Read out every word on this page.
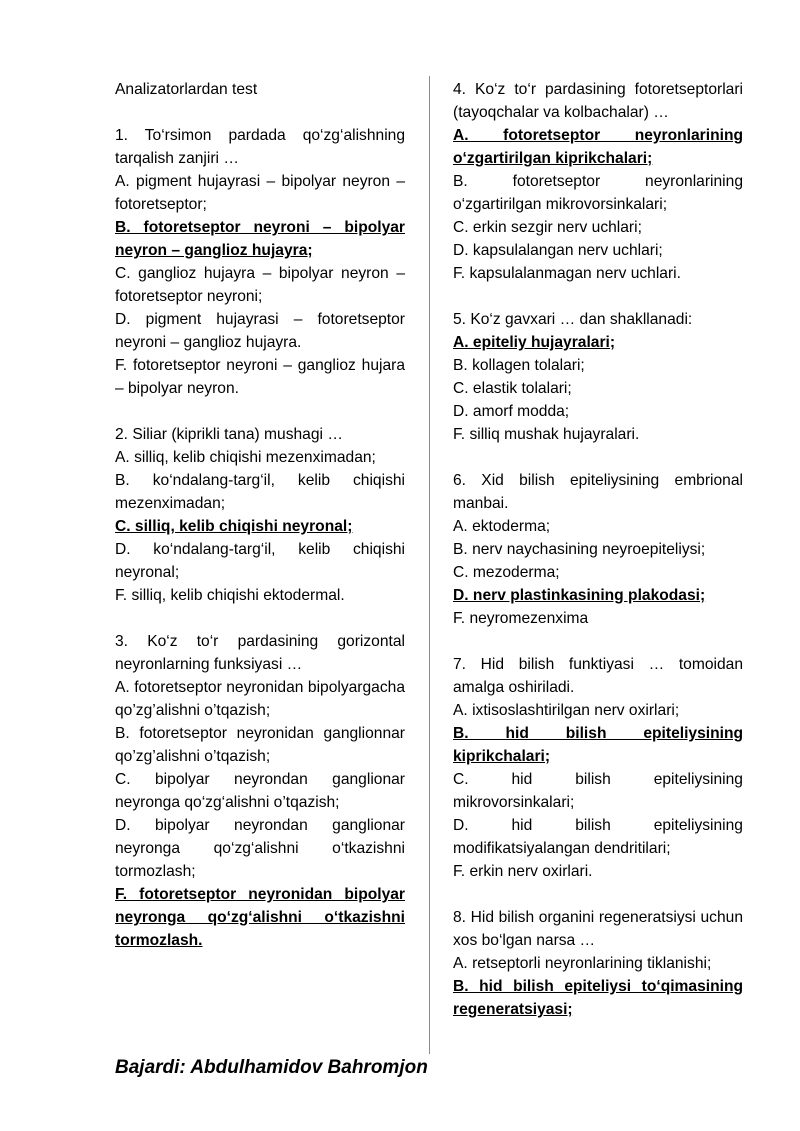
Analizatorlardan test

1. To‘rsimon pardada qo‘zg‘alishning tarqalish zanjiri …

A. pigment hujayrasi – bipolyar neyron – fotoretseptor;

B. fotoretseptor neyroni – bipolyar neyron – ganglioz hujayra;

C. ganglioz hujayra – bipolyar neyron – fotoretseptor neyroni;

D. pigment hujayrasi – fotoretseptor neyroni – ganglioz hujayra.

F. fotoretseptor neyroni – ganglioz hujara – bipolyar neyron.

2. Siliar (kiprikli tana) mushagi …

A. silliq, kelib chiqishi mezenximadan;

B. ko‘ndalang-targ‘il, kelib chiqishi mezenximadan;

C. silliq, kelib chiqishi neyronal;

D. ko‘ndalang-targ‘il, kelib chiqishi neyronal;

F. silliq, kelib chiqishi ektodermal.

3. Ko‘z to‘r pardasining gorizontal neyronlarning funksiyasi …

A. fotoretseptor neyronidan bipolyargacha qo’zg’alishni o’tqazish;

B. fotoretseptor neyronidan ganglionnar qo’zg’alishni o’tqazish;

C. bipolyar neyrondan ganglionar neyronga qo‘zg‘alishni o’tqazish;

D. bipolyar neyrondan ganglionar neyronga qo‘zg‘alishni o‘tkazishni tormozlash;

F. fotoretseptor neyronidan bipolyar neyronga qo‘zg‘alishni o‘tkazishni tormozlash.

4. Ko‘z to‘r pardasining fotoretseptorlari (tayoqchalar va kolbachalar) …

A. fotoretseptor neyronlarining o‘zgartirilgan kiprikchalari;

B. fotoretseptor neyronlarining o‘zgartirilgan mikrovorsinkalari;

C. erkin sezgir nerv uchlari;

D. kapsulalangan nerv uchlari;

F. kapsulalanmagan nerv uchlari.

5. Ko‘z gavxari … dan shakllanadi:

A. epiteliy hujayralari;

B. kollagen tolalari;

C. elastik tolalari;

D. amorf modda;

F. silliq mushak hujayralari.

6. Xid bilish epiteliysining embrional manbai.

A. ektoderma;

B. nerv naychasining neyroepiteliysi;

C. mezoderma;

D. nerv plastinkasining plakodasi;

F. neyromezenxima

7. Hid bilish funktiyasi … tomoidan amalga oshiriladi.

A. ixtisoslashtirilgan nerv oxirlari;

B. hid bilish epiteliysining kiprikchalari;

C. hid bilish epiteliysining mikrovorsinkalari;

D. hid bilish epiteliysining modifikatsiyalangan dendritilari;

F. erkin nerv oxirlari.

8. Hid bilish organini regeneratsiysi uchun xos bo‘lgan narsa …

A. retseptorli neyronlarining tiklanishi;

B. hid bilish epiteliysi to‘qimasining regeneratsiyasi;

Bajardi: Abdulhamidov Bahromjon
